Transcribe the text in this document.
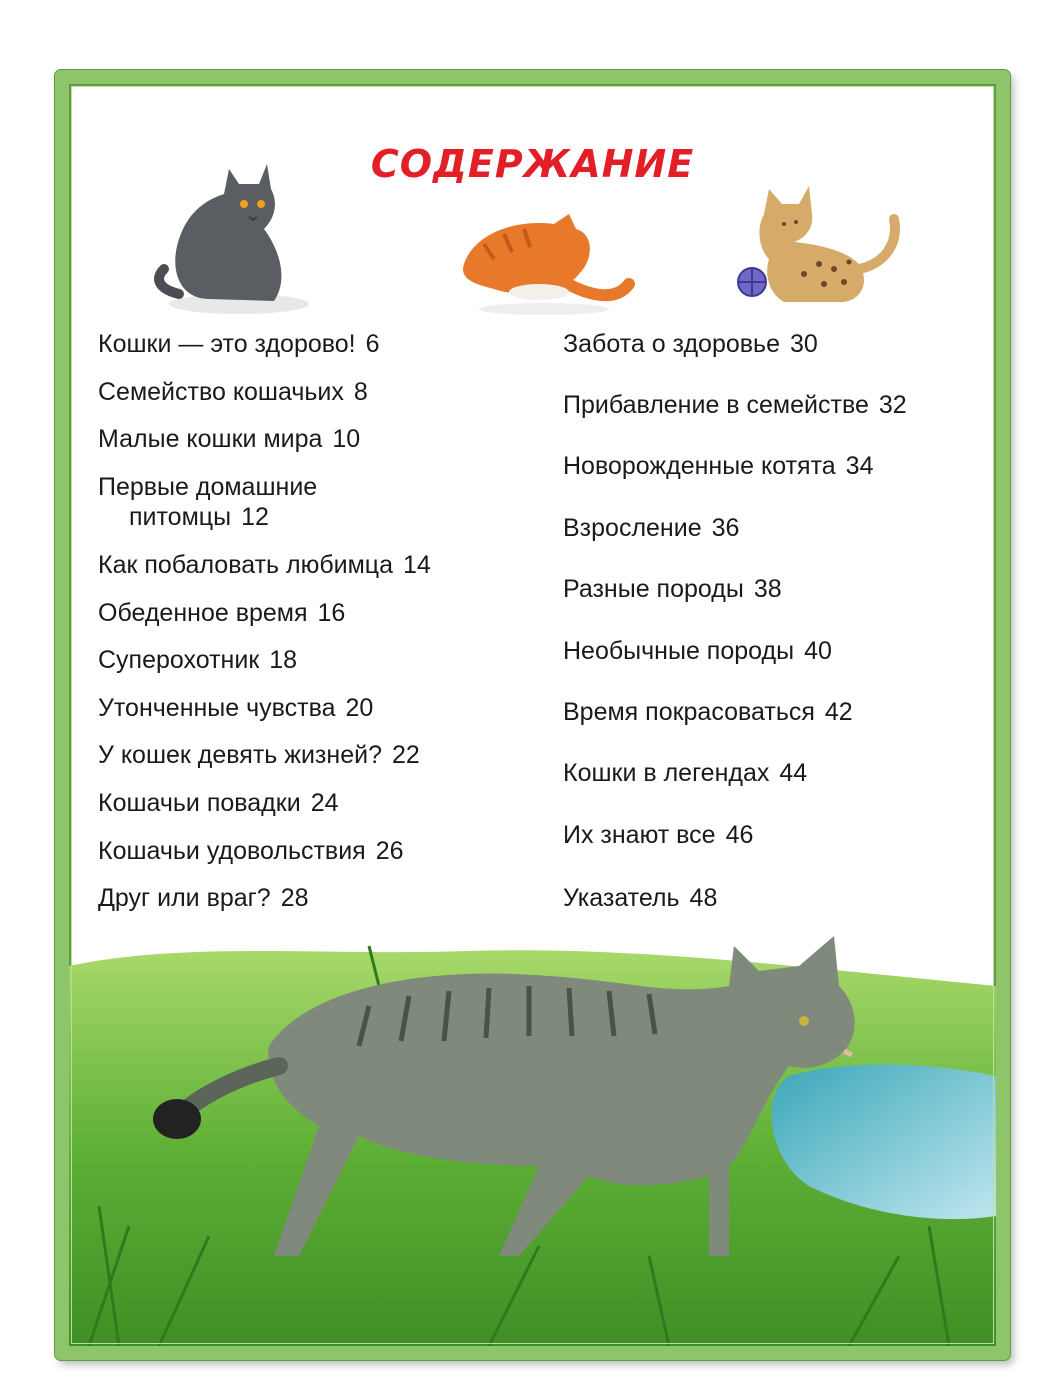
СОДЕРЖАНИЕ
Кошки — это здорово! 6
Семейство кошачьих 8
Малые кошки мира 10
Первые домашние
питомцы 12
Как побаловать любимца 14
Обеденное время 16
Суперохотник 18
Утонченные чувства 20
У кошек девять жизней? 22
Кошачьи повадки 24
Кошачьи удовольствия 26
Друг или враг? 28
Забота о здоровье 30
Прибавление в семействе 32
Новорожденные котята 34
Взросление 36
Разные породы 38
Необычные породы 40
Время покрасоваться 42
Кошки в легендах 44
Их знают все 46
Указатель 48
